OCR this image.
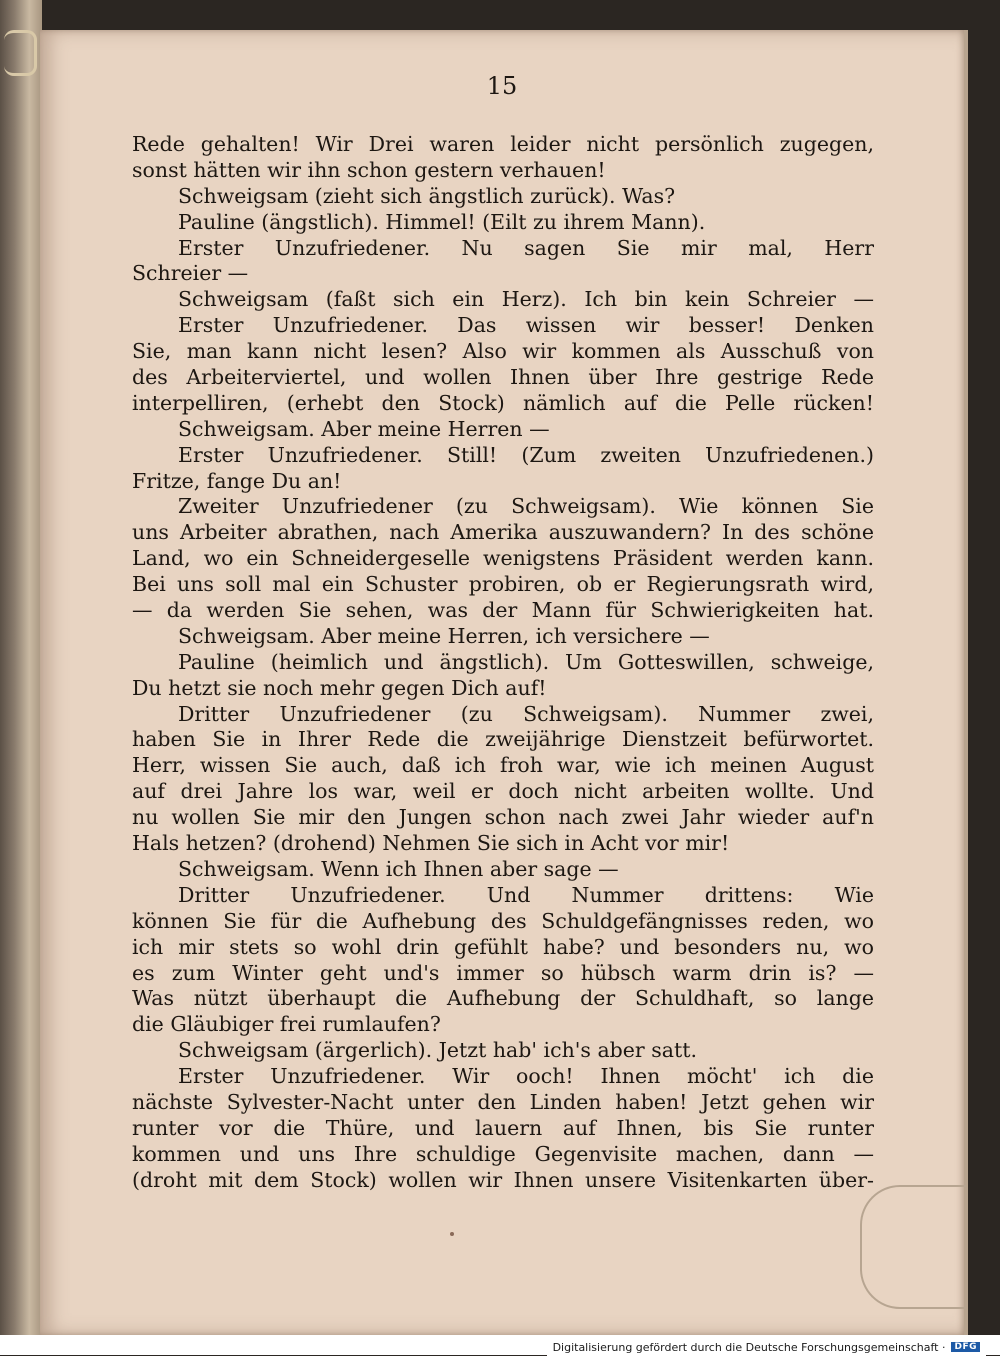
15
Rede gehalten! Wir Drei waren leider nicht persönlich zugegen,
sonst hätten wir ihn schon gestern verhauen!
Schweigsam (zieht sich ängstlich zurück). Was?
Pauline (ängstlich). Himmel! (Eilt zu ihrem Mann).
Erster Unzufriedener. Nu sagen Sie mir mal, Herr
Schreier —
Schweigsam (faßt sich ein Herz). Ich bin kein Schreier —
Erster Unzufriedener. Das wissen wir besser! Denken
Sie, man kann nicht lesen? Also wir kommen als Ausschuß von
des Arbeiterviertel, und wollen Ihnen über Ihre gestrige Rede
interpelliren, (erhebt den Stock) nämlich auf die Pelle rücken!
Schweigsam. Aber meine Herren —
Erster Unzufriedener. Still! (Zum zweiten Unzufriedenen.)
Fritze, fange Du an!
Zweiter Unzufriedener (zu Schweigsam). Wie können Sie
uns Arbeiter abrathen, nach Amerika auszuwandern? In des schöne
Land, wo ein Schneidergeselle wenigstens Präsident werden kann.
Bei uns soll mal ein Schuster probiren, ob er Regierungsrath wird,
— da werden Sie sehen, was der Mann für Schwierigkeiten hat.
Schweigsam. Aber meine Herren, ich versichere —
Pauline (heimlich und ängstlich). Um Gotteswillen, schweige,
Du hetzt sie noch mehr gegen Dich auf!
Dritter Unzufriedener (zu Schweigsam). Nummer zwei,
haben Sie in Ihrer Rede die zweijährige Dienstzeit befürwortet.
Herr, wissen Sie auch, daß ich froh war, wie ich meinen August
auf drei Jahre los war, weil er doch nicht arbeiten wollte. Und
nu wollen Sie mir den Jungen schon nach zwei Jahr wieder auf'n
Hals hetzen? (drohend) Nehmen Sie sich in Acht vor mir!
Schweigsam. Wenn ich Ihnen aber sage —
Dritter Unzufriedener. Und Nummer drittens: Wie
können Sie für die Aufhebung des Schuldgefängnisses reden, wo
ich mir stets so wohl drin gefühlt habe? und besonders nu, wo
es zum Winter geht und's immer so hübsch warm drin is? —
Was nützt überhaupt die Aufhebung der Schuldhaft, so lange
die Gläubiger frei rumlaufen?
Schweigsam (ärgerlich). Jetzt hab' ich's aber satt.
Erster Unzufriedener. Wir ooch! Ihnen möcht' ich die
nächste Sylvester-Nacht unter den Linden haben! Jetzt gehen wir
runter vor die Thüre, und lauern auf Ihnen, bis Sie runter
kommen und uns Ihre schuldige Gegenvisite machen, dann —
(droht mit dem Stock) wollen wir Ihnen unsere Visitenkarten über-
Digitalisierung gefördert durch die Deutsche Forschungsgemeinschaft ·	DFG
